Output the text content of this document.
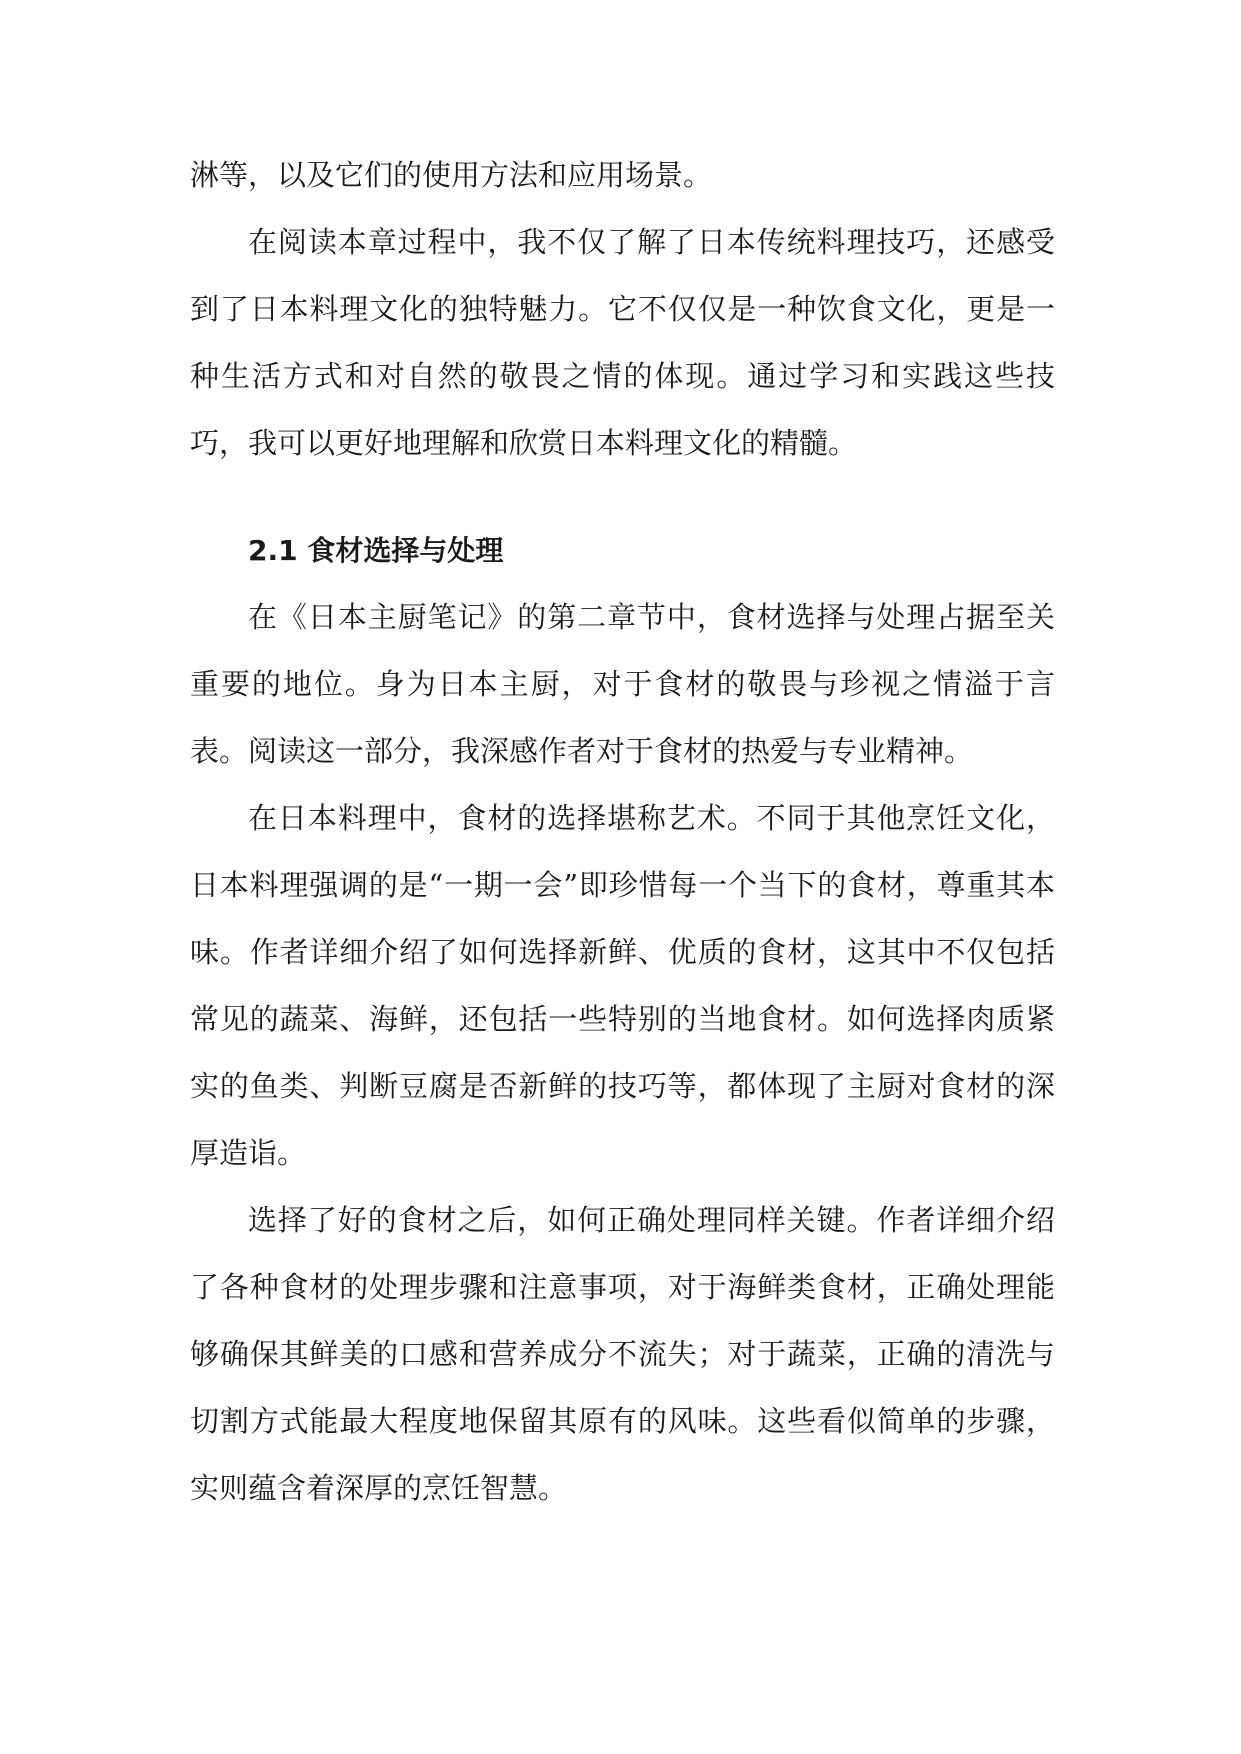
淋等，以及它们的使用方法和应用场景。

在阅读本章过程中，我不仅了解了日本传统料理技巧，还感受到了日本料理文化的独特魅力。它不仅仅是一种饮食文化，更是一种生活方式和对自然的敬畏之情的体现。通过学习和实践这些技巧，我可以更好地理解和欣赏日本料理文化的精髓。

2.1 食材选择与处理

在《日本主厨笔记》的第二章节中，食材选择与处理占据至关重要的地位。身为日本主厨，对于食材的敬畏与珍视之情溢于言表。阅读这一部分，我深感作者对于食材的热爱与专业精神。

在日本料理中，食材的选择堪称艺术。不同于其他烹饪文化，日本料理强调的是“一期一会”即珍惜每一个当下的食材，尊重其本味。作者详细介绍了如何选择新鲜、优质的食材，这其中不仅包括常见的蔬菜、海鲜，还包括一些特别的当地食材。如何选择肉质紧实的鱼类、判断豆腐是否新鲜的技巧等，都体现了主厨对食材的深厚造诣。

选择了好的食材之后，如何正确处理同样关键。作者详细介绍了各种食材的处理步骤和注意事项，对于海鲜类食材，正确处理能够确保其鲜美的口感和营养成分不流失；对于蔬菜，正确的清洗与切割方式能最大程度地保留其原有的风味。这些看似简单的步骤，实则蕴含着深厚的烹饪智慧。
